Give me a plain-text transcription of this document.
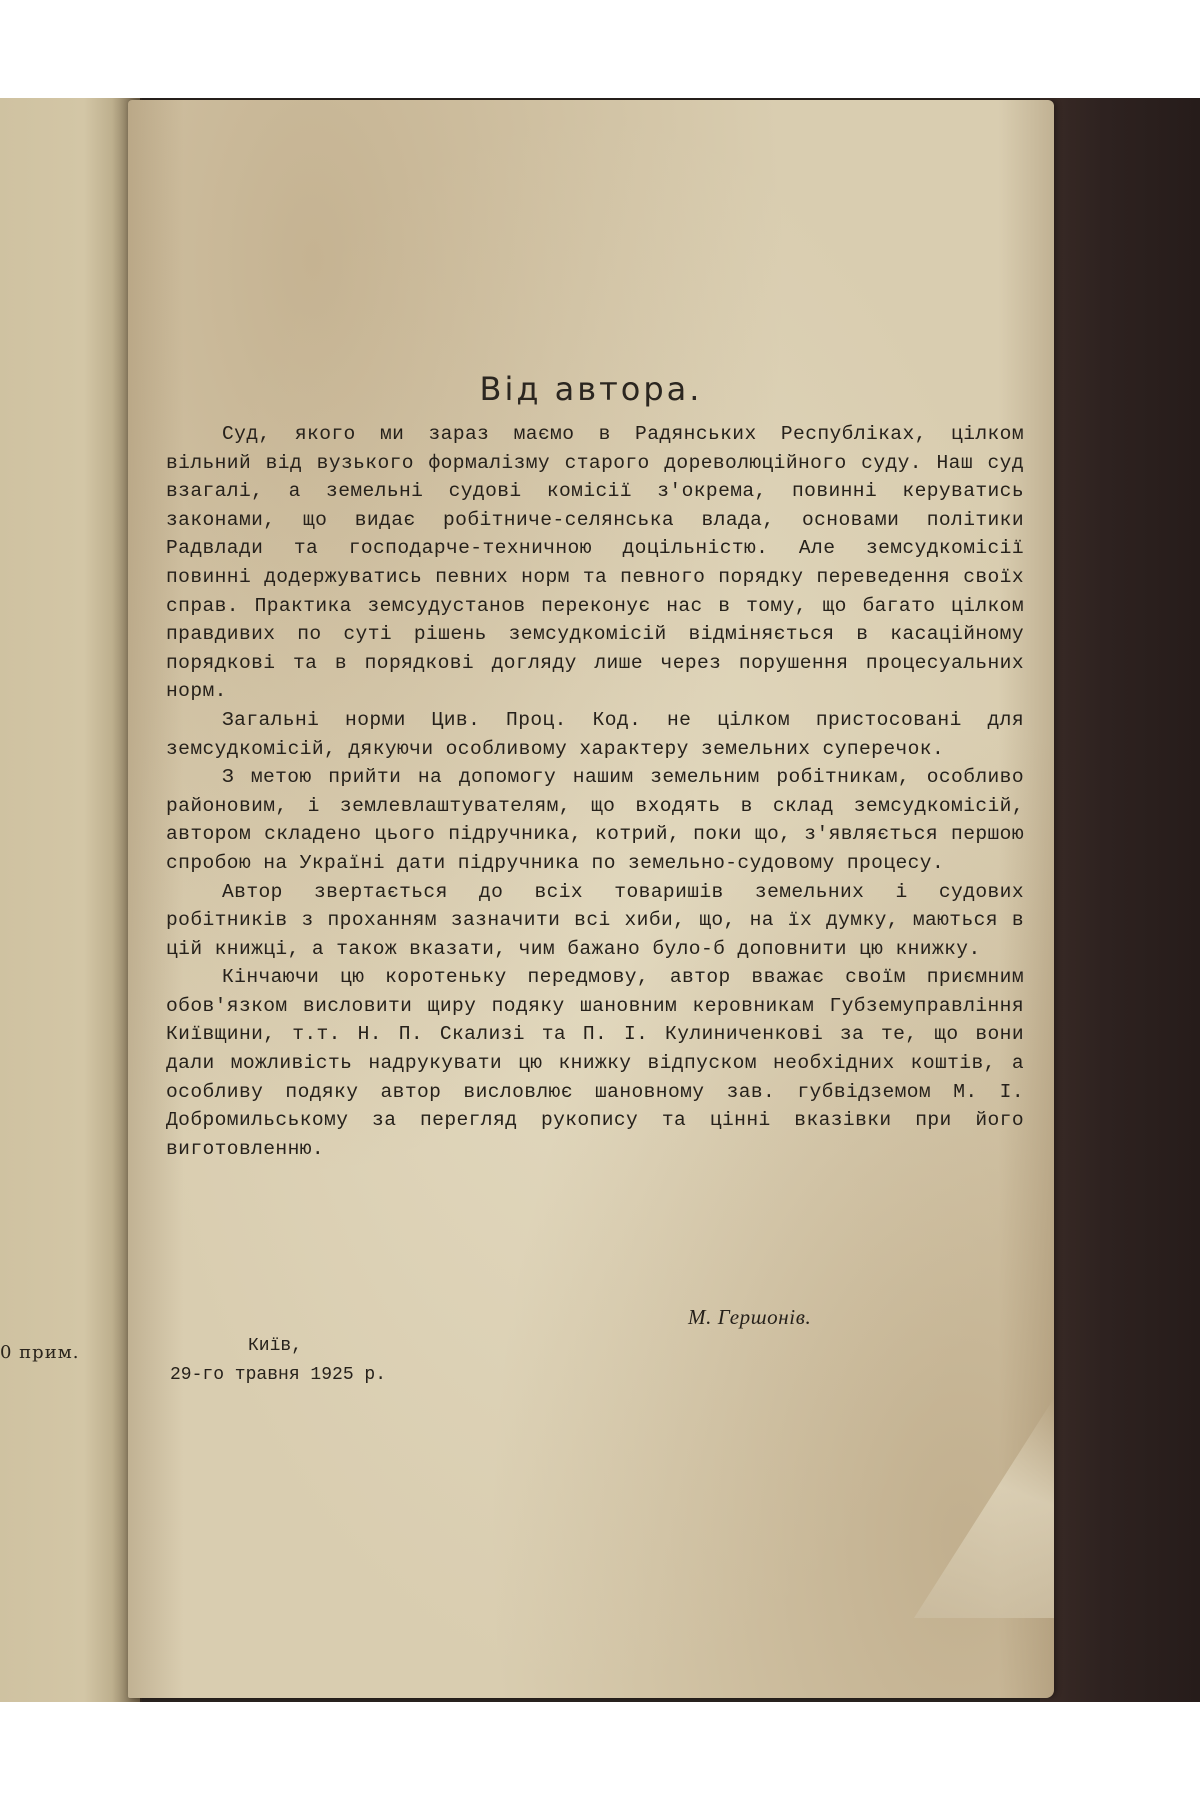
0 прим.
Від автора.

Суд, якого ми зараз маємо в Радянських Республіках, цілком вільний від вузького формалізму старого дореволюційного суду. Наш суд взагалі, а земельні судові комісії з'окрема, повинні керуватись законами, що видає робітниче-селянська влада, основами політики Радвлади та господарче-техничною доцільністю. Але земсудкомісії повинні додержуватись певних норм та певного порядку переведення своїх справ. Практика земсудустанов переконує нас в тому, що багато цілком правдивих по суті рішень земсудкомісій відміняється в касаційному порядкові та в порядкові догляду лише через порушення процесуальних норм.

Загальні норми Цив. Проц. Код. не цілком пристосовані для земсудкомісій, дякуючи особливому характеру земельних суперечок.

З метою прийти на допомогу нашим земельним робітникам, особливо районовим, і землевлаштувателям, що входять в склад земсудкомісій, автором складено цього підручника, котрий, поки що, з'являється першою спробою на Україні дати підручника по земельно-судовому процесу.

Автор звертається до всіх товаришів земельних і судових робітників з проханням зазначити всі хиби, що, на їх думку, маються в цій книжці, а також вказати, чим бажано було-б доповнити цю книжку.

Кінчаючи цю коротеньку передмову, автор вважає своїм приємним обов'язком висловити щиру подяку шановним керовникам Губземуправління Київщини, т.т. Н. П. Скализі та П. І. Кулиниченкові за те, що вони дали можливість надрукувати цю книжку відпуском необхідних коштів, а особливу подяку автор висловлює шановному зав. губвідземом М. І. Добромильському за перегляд рукопису та цінні вказівки при його виготовленню.

М. Гершонів.
Київ,
29-го травня 1925 р.
